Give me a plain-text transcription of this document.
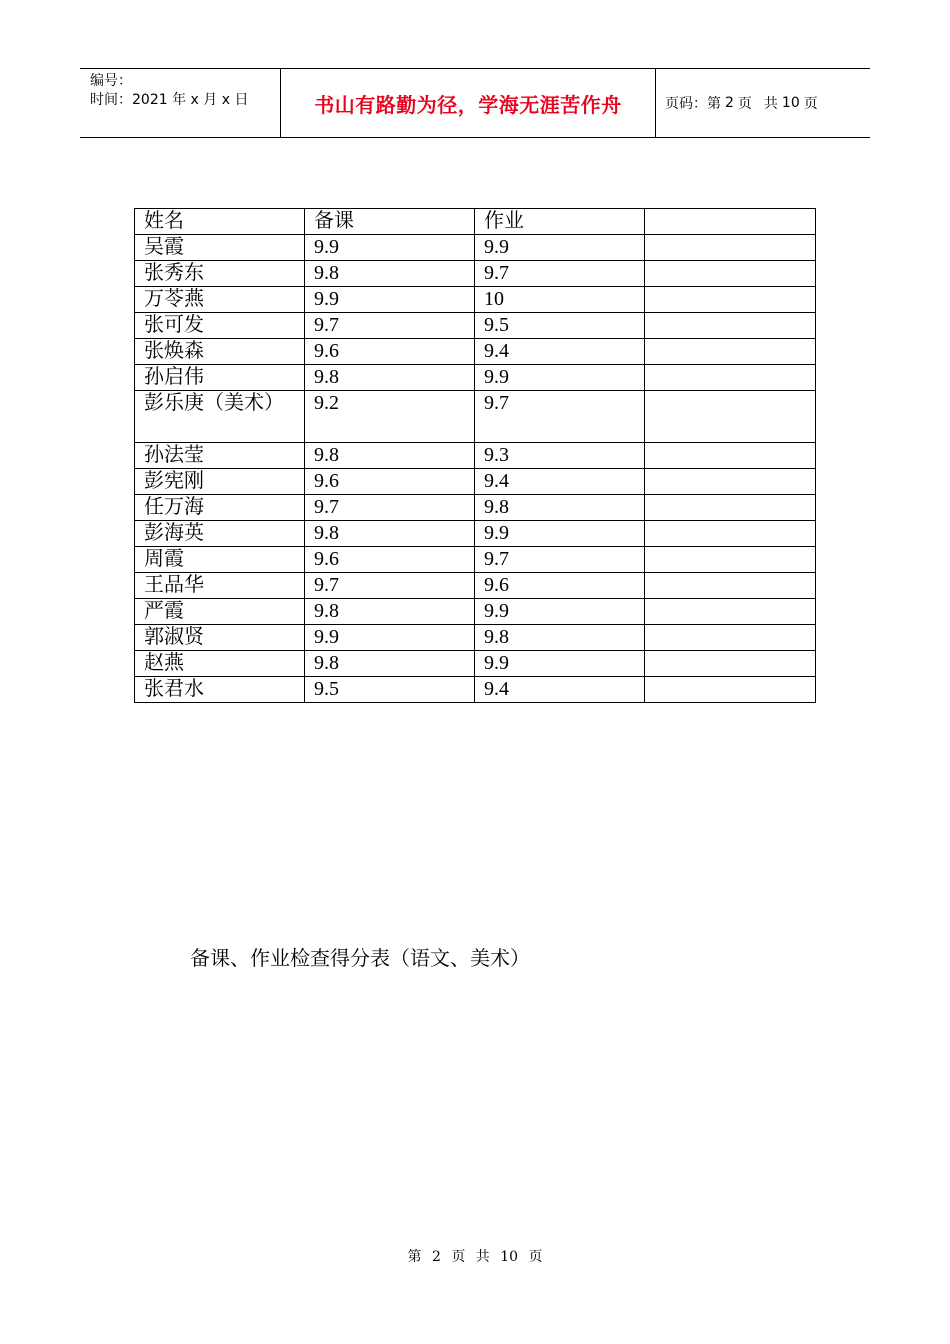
编号：
时间：2021 年 x 月 x 日	书山有路勤为径，学海无涯苦作舟	页码：第 2 页 共 10 页
姓名	备课	作业	
吴霞	9.9	9.9	
张秀东	9.8	9.7	
万苓燕	9.9	10	
张可发	9.7	9.5	
张焕森	9.6	9.4	
孙启伟	9.8	9.9	
彭乐庚（美术）	9.2	9.7	
孙法莹	9.8	9.3	
彭宪刚	9.6	9.4	
任万海	9.7	9.8	
彭海英	9.8	9.9	
周霞	9.6	9.7	
王品华	9.7	9.6	
严霞	9.8	9.9	
郭淑贤	9.9	9.8	
赵燕	9.8	9.9	
张君水	9.5	9.4	
备课、作业检查得分表（语文、美术）
第 2 页 共 10 页
